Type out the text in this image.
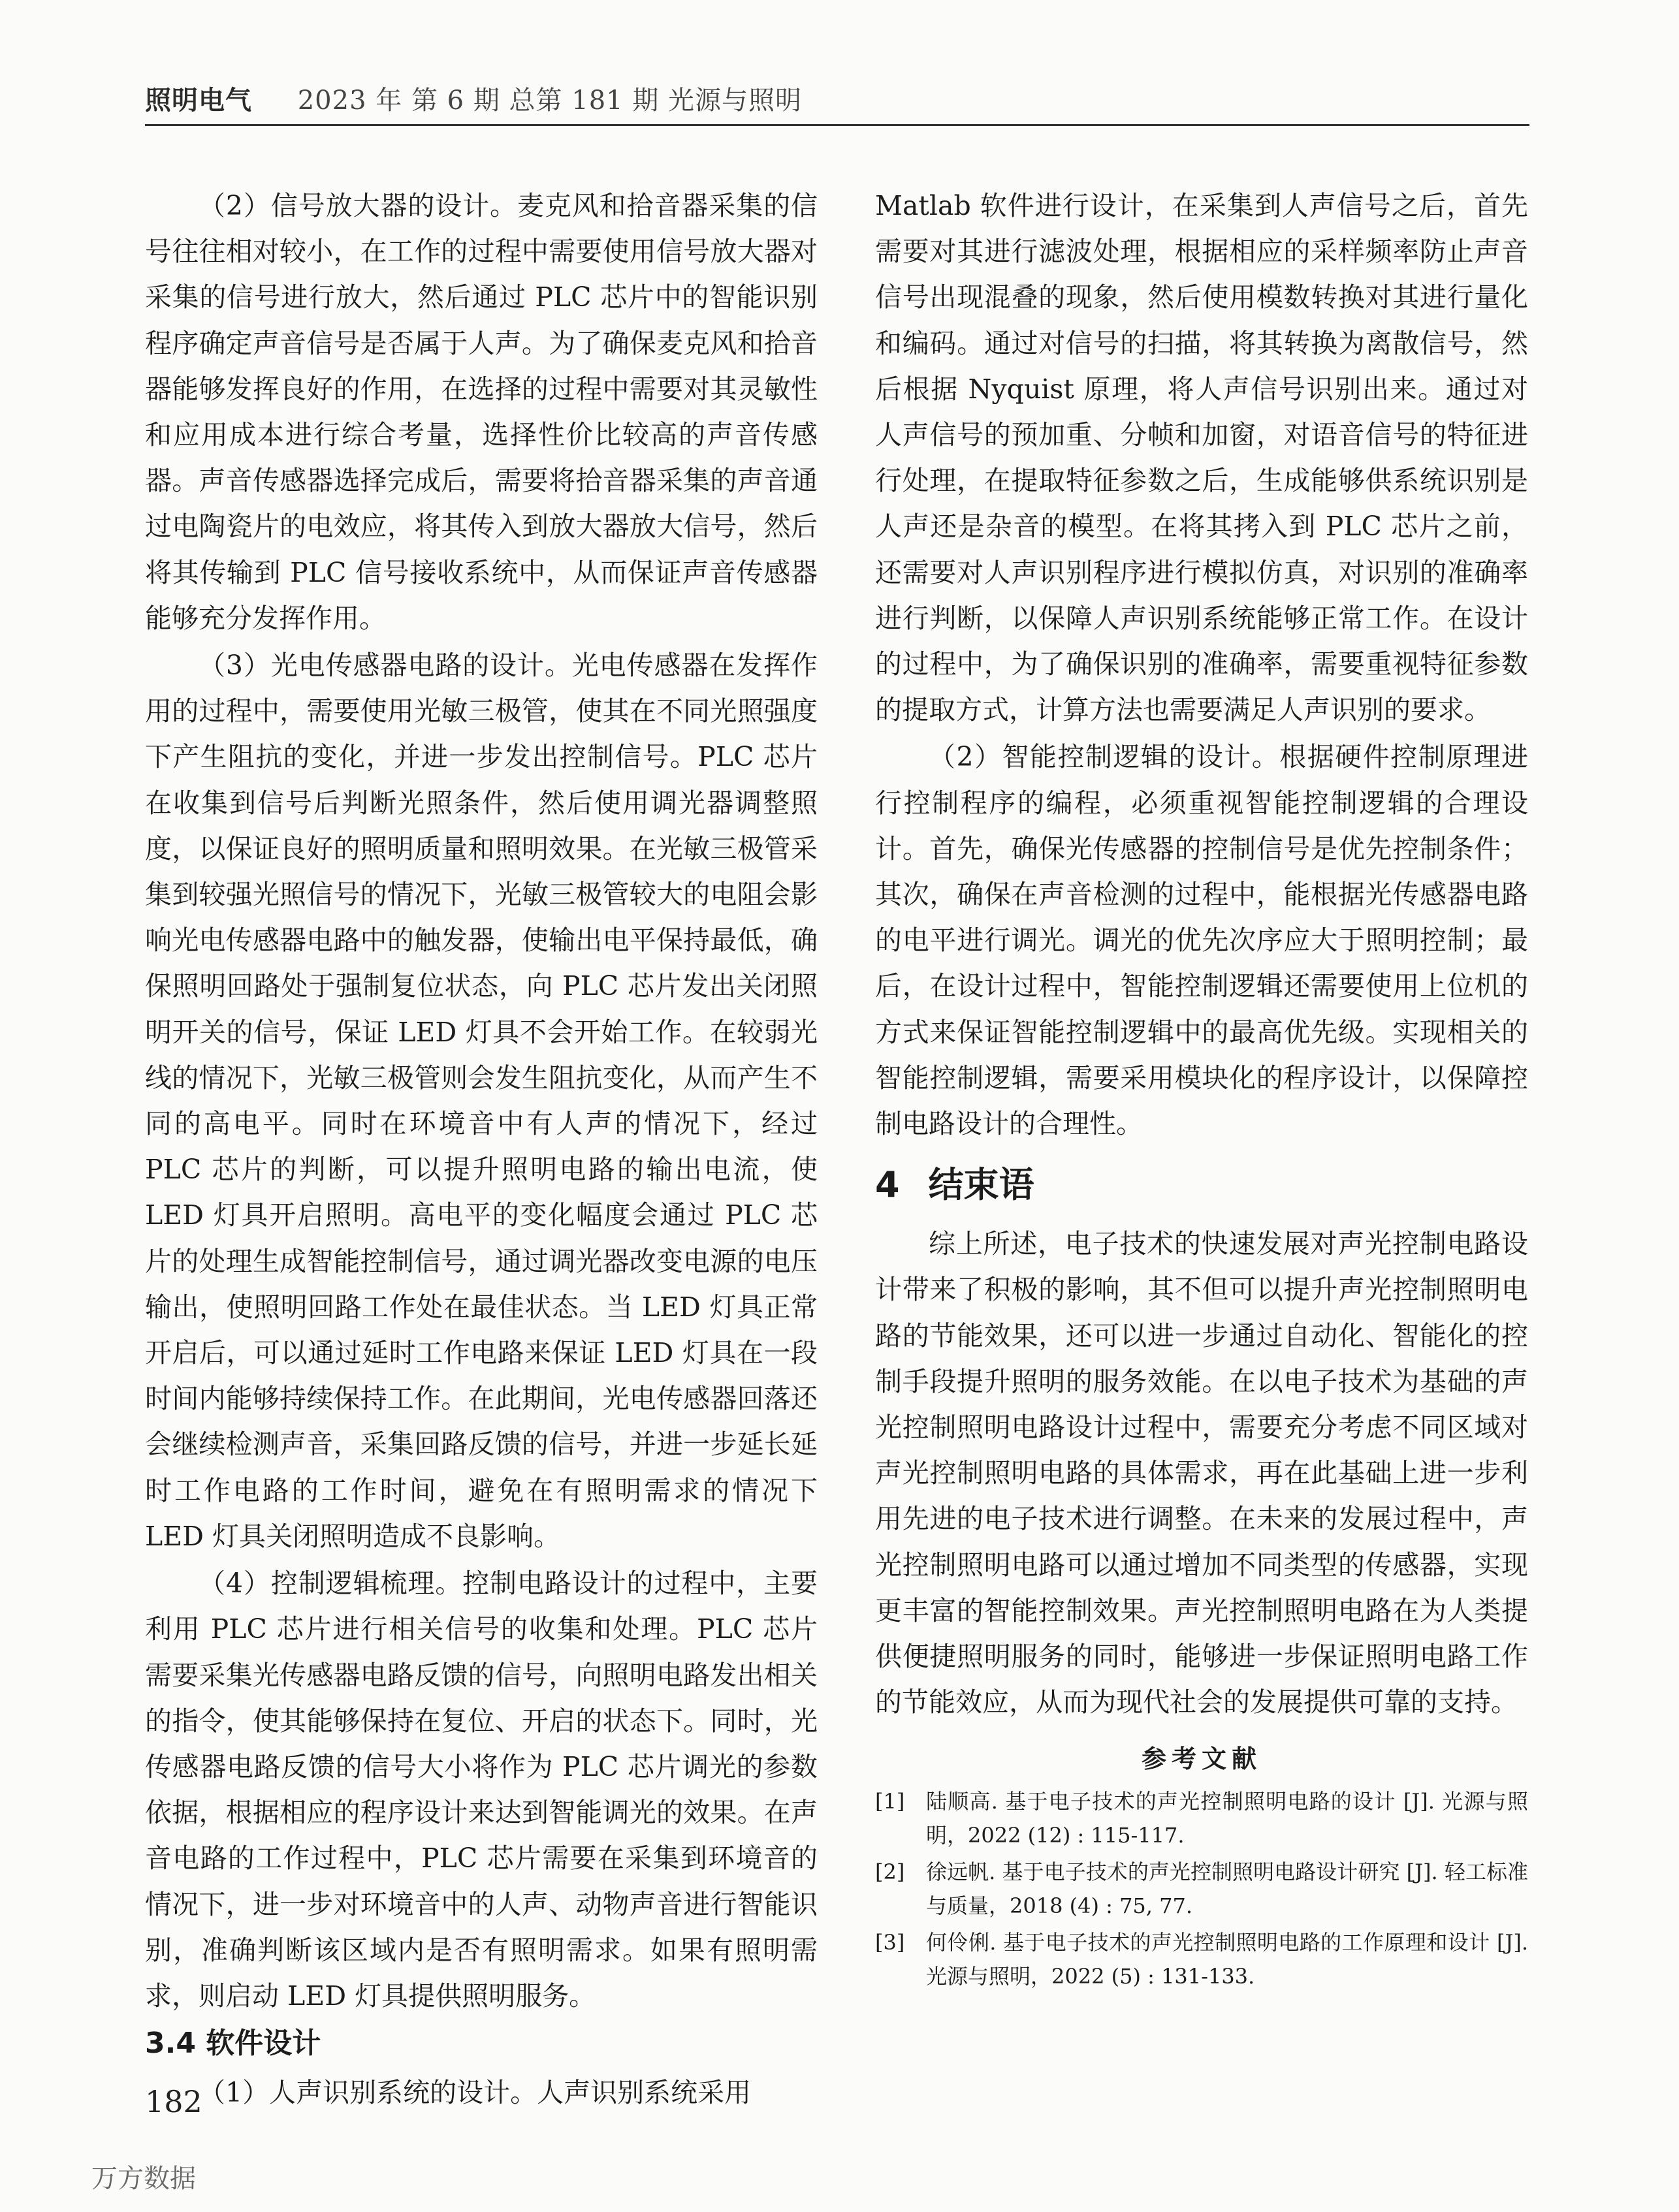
照明电气 2023 年 第 6 期 总第 181 期 光源与照明

（2）信号放大器的设计。麦克风和拾音器采集的信号往往相对较小，在工作的过程中需要使用信号放大器对采集的信号进行放大，然后通过 PLC 芯片中的智能识别程序确定声音信号是否属于人声。为了确保麦克风和拾音器能够发挥良好的作用，在选择的过程中需要对其灵敏性和应用成本进行综合考量，选择性价比较高的声音传感器。声音传感器选择完成后，需要将拾音器采集的声音通过电陶瓷片的电效应，将其传入到放大器放大信号，然后将其传输到 PLC 信号接收系统中，从而保证声音传感器能够充分发挥作用。

（3）光电传感器电路的设计。光电传感器在发挥作用的过程中，需要使用光敏三极管，使其在不同光照强度下产生阻抗的变化，并进一步发出控制信号。PLC 芯片在收集到信号后判断光照条件，然后使用调光器调整照度，以保证良好的照明质量和照明效果。在光敏三极管采集到较强光照信号的情况下，光敏三极管较大的电阻会影响光电传感器电路中的触发器，使输出电平保持最低，确保照明回路处于强制复位状态，向 PLC 芯片发出关闭照明开关的信号，保证 LED 灯具不会开始工作。在较弱光线的情况下，光敏三极管则会发生阻抗变化，从而产生不同的高电平。同时在环境音中有人声的情况下，经过 PLC 芯片的判断，可以提升照明电路的输出电流，使 LED 灯具开启照明。高电平的变化幅度会通过 PLC 芯片的处理生成智能控制信号，通过调光器改变电源的电压输出，使照明回路工作处在最佳状态。当 LED 灯具正常开启后，可以通过延时工作电路来保证 LED 灯具在一段时间内能够持续保持工作。在此期间，光电传感器回落还会继续检测声音，采集回路反馈的信号，并进一步延长延时工作电路的工作时间，避免在有照明需求的情况下 LED 灯具关闭照明造成不良影响。

（4）控制逻辑梳理。控制电路设计的过程中，主要利用 PLC 芯片进行相关信号的收集和处理。PLC 芯片需要采集光传感器电路反馈的信号，向照明电路发出相关的指令，使其能够保持在复位、开启的状态下。同时，光传感器电路反馈的信号大小将作为 PLC 芯片调光的参数依据，根据相应的程序设计来达到智能调光的效果。在声音电路的工作过程中，PLC 芯片需要在采集到环境音的情况下，进一步对环境音中的人声、动物声音进行智能识别，准确判断该区域内是否有照明需求。如果有照明需求，则启动 LED 灯具提供照明服务。

3.4 软件设计

（1）人声识别系统的设计。人声识别系统采用

Matlab 软件进行设计，在采集到人声信号之后，首先需要对其进行滤波处理，根据相应的采样频率防止声音信号出现混叠的现象，然后使用模数转换对其进行量化和编码。通过对信号的扫描，将其转换为离散信号，然后根据 Nyquist 原理，将人声信号识别出来。通过对人声信号的预加重、分帧和加窗，对语音信号的特征进行处理，在提取特征参数之后，生成能够供系统识别是人声还是杂音的模型。在将其拷入到 PLC 芯片之前，还需要对人声识别程序进行模拟仿真，对识别的准确率进行判断，以保障人声识别系统能够正常工作。在设计的过程中，为了确保识别的准确率，需要重视特征参数的提取方式，计算方法也需要满足人声识别的要求。

（2）智能控制逻辑的设计。根据硬件控制原理进行控制程序的编程，必须重视智能控制逻辑的合理设计。首先，确保光传感器的控制信号是优先控制条件；其次，确保在声音检测的过程中，能根据光传感器电路的电平进行调光。调光的优先次序应大于照明控制；最后，在设计过程中，智能控制逻辑还需要使用上位机的方式来保证智能控制逻辑中的最高优先级。实现相关的智能控制逻辑，需要采用模块化的程序设计，以保障控制电路设计的合理性。

4 结束语

综上所述，电子技术的快速发展对声光控制电路设计带来了积极的影响，其不但可以提升声光控制照明电路的节能效果，还可以进一步通过自动化、智能化的控制手段提升照明的服务效能。在以电子技术为基础的声光控制照明电路设计过程中，需要充分考虑不同区域对声光控制照明电路的具体需求，再在此基础上进一步利用先进的电子技术进行调整。在未来的发展过程中，声光控制照明电路可以通过增加不同类型的传感器，实现更丰富的智能控制效果。声光控制照明电路在为人类提供便捷照明服务的同时，能够进一步保证照明电路工作的节能效应，从而为现代社会的发展提供可靠的支持。

参考文献
[1]	陆顺高. 基于电子技术的声光控制照明电路的设计 [J]. 光源与照明，2022 (12) : 115-117.
[2]	徐远帆. 基于电子技术的声光控制照明电路设计研究 [J]. 轻工标准与质量，2018 (4) : 75, 77.
[3]	何伶俐. 基于电子技术的声光控制照明电路的工作原理和设计 [J]. 光源与照明，2022 (5) : 131-133.
182
万方数据
